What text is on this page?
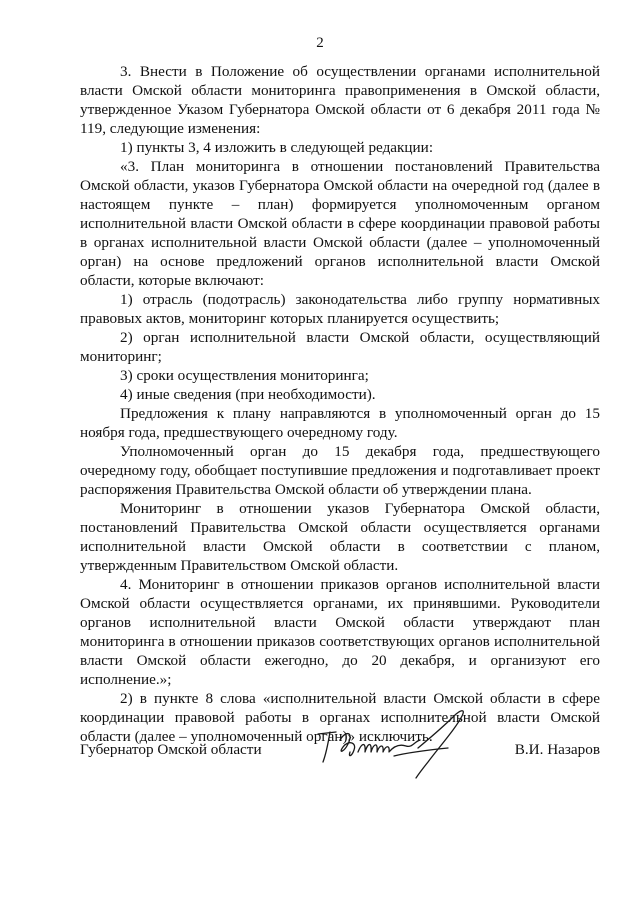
2

3. Внести в Положение об осуществлении органами исполнительной власти Омской области мониторинга правоприменения в Омской области, утвержденное Указом Губернатора Омской области от 6 декабря 2011 года № 119, следующие изменения:

1) пункты 3, 4 изложить в следующей редакции:

«3. План мониторинга в отношении постановлений Правительства Омской области, указов Губернатора Омской области на очередной год (далее в настоящем пункте – план) формируется уполномоченным органом исполнительной власти Омской области в сфере координации правовой работы в органах исполнительной власти Омской области (далее – уполномоченный орган) на основе предложений органов исполнительной власти Омской области, которые включают:

1) отрасль (подотрасль) законодательства либо группу нормативных правовых актов, мониторинг которых планируется осуществить;

2) орган исполнительной власти Омской области, осуществляющий мониторинг;

3) сроки осуществления мониторинга;

4) иные сведения (при необходимости).

Предложения к плану направляются в уполномоченный орган до 15 ноября года, предшествующего очередному году.

Уполномоченный орган до 15 декабря года, предшествующего очередному году, обобщает поступившие предложения и подготавливает проект распоряжения Правительства Омской области об утверждении плана.

Мониторинг в отношении указов Губернатора Омской области, постановлений Правительства Омской области осуществляется органами исполнительной власти Омской области в соответствии с планом, утвержденным Правительством Омской области.

4. Мониторинг в отношении приказов органов исполнительной власти Омской области осуществляется органами, их принявшими. Руководители органов исполнительной власти Омской области утверждают план мониторинга в отношении приказов соответствующих органов исполнительной власти Омской области ежегодно, до 20 декабря, и организуют его исполнение.»;

2) в пункте 8 слова «исполнительной власти Омской области в сфере координации правовой работы в органах исполнительной власти Омской области (далее – уполномоченный орган)» исключить.

Губернатор Омской области	В.И. Назаров
